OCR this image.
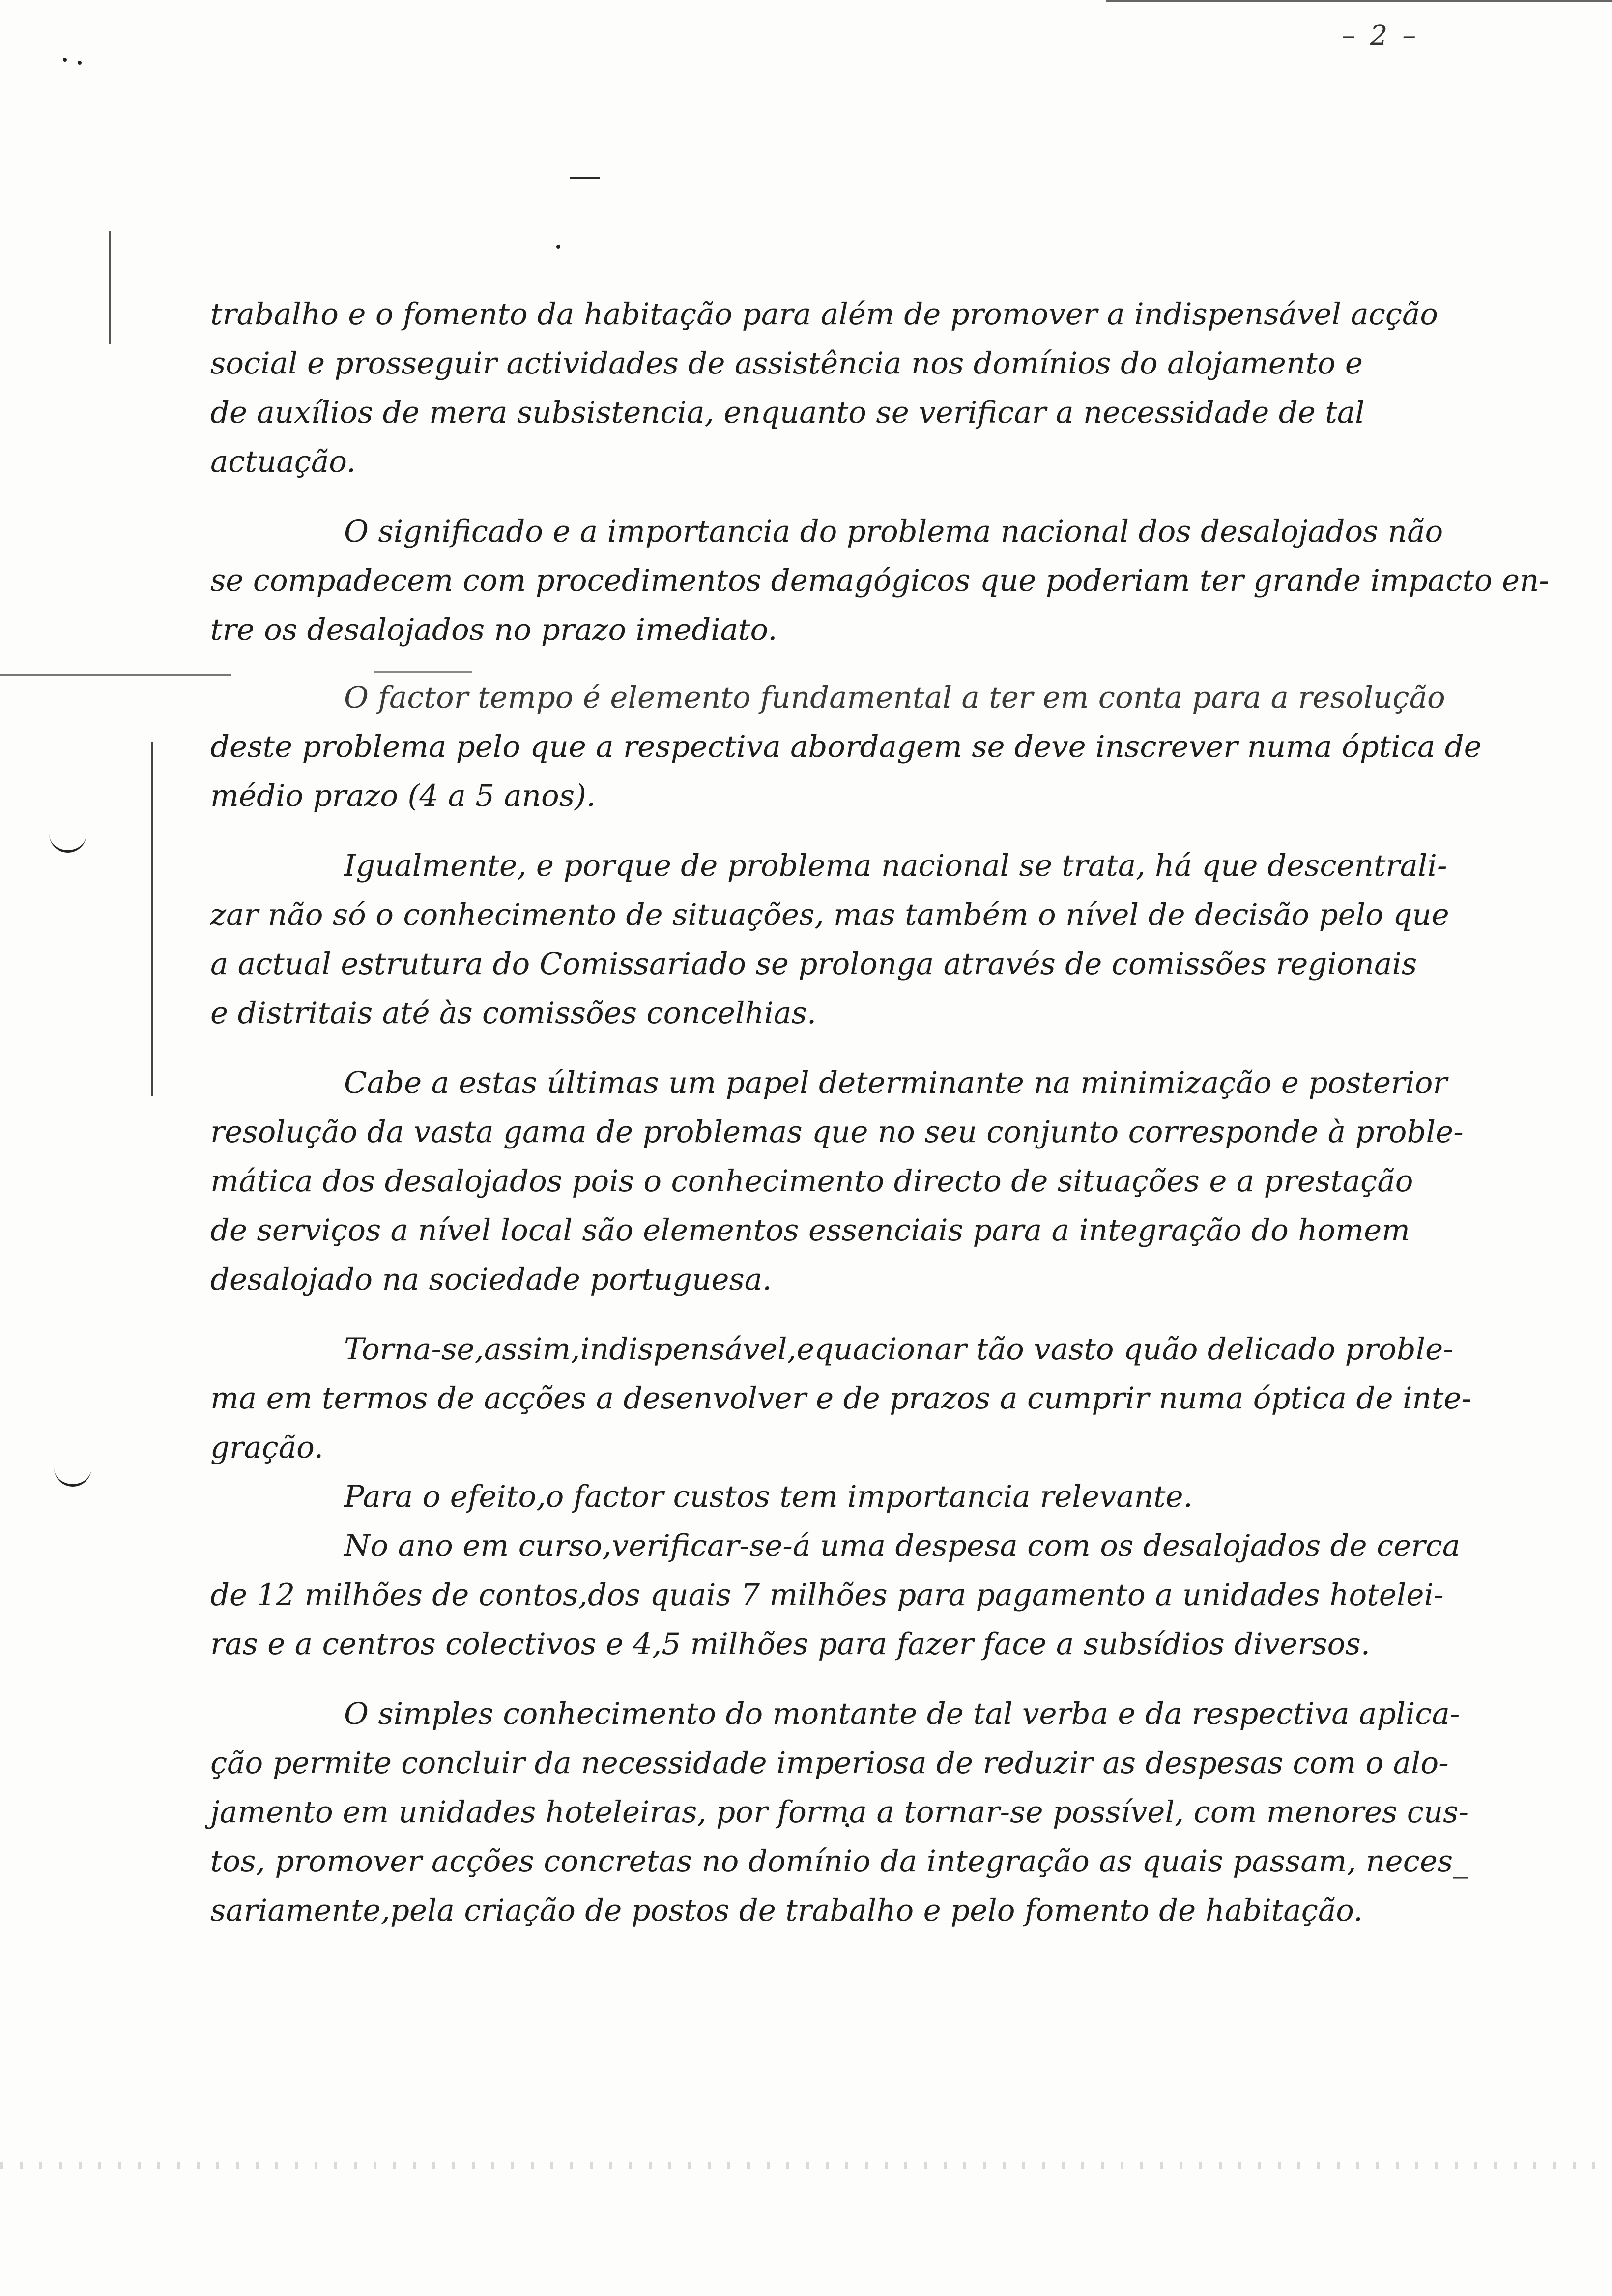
– 2 –
trabalho e o fomento da habitação para além de promover a indispensável acção
social e prosseguir actividades de assistência nos domínios do alojamento e
de auxílios de mera subsistencia, enquanto se verificar a necessidade de tal
actuação.
O significado e a importancia do problema nacional dos desalojados não
se compadecem com procedimentos demagógicos que poderiam ter grande impacto en-
tre os desalojados no prazo imediato.
O factor tempo é elemento fundamental a ter em conta para a resolução
deste problema pelo que a respectiva abordagem se deve inscrever numa óptica de
médio prazo (4 a 5 anos).
Igualmente, e porque de problema nacional se trata, há que descentrali-
zar não só o conhecimento de situações, mas também o nível de decisão pelo que
a actual estrutura do Comissariado se prolonga através de comissões regionais
e distritais até às comissões concelhias.
Cabe a estas últimas um papel determinante na minimização e posterior
resolução da vasta gama de problemas que no seu conjunto corresponde à proble-
mática dos desalojados pois o conhecimento directo de situações e a prestação
de serviços a nível local são elementos essenciais para a integração do homem
desalojado na sociedade portuguesa.
Torna-se,assim,indispensável,equacionar tão vasto quão delicado proble-
ma em termos de acções a desenvolver e de prazos a cumprir numa óptica de inte-
gração.
Para o efeito,o factor custos tem importancia relevante.
No ano em curso,verificar-se-á uma despesa com os desalojados de cerca
de 12 milhões de contos,dos quais 7 milhões para pagamento a unidades hotelei-
ras e a centros colectivos e 4,5 milhões para fazer face a subsídios diversos.
O simples conhecimento do montante de tal verba e da respectiva aplica-
ção permite concluir da necessidade imperiosa de reduzir as despesas com o alo-
jamento em unidades hoteleiras, por forma a tornar-se possível, com menores cus-
tos, promover acções concretas no domínio da integração as quais passam, neces_
sariamente,pela criação de postos de trabalho e pelo fomento de habitação.
